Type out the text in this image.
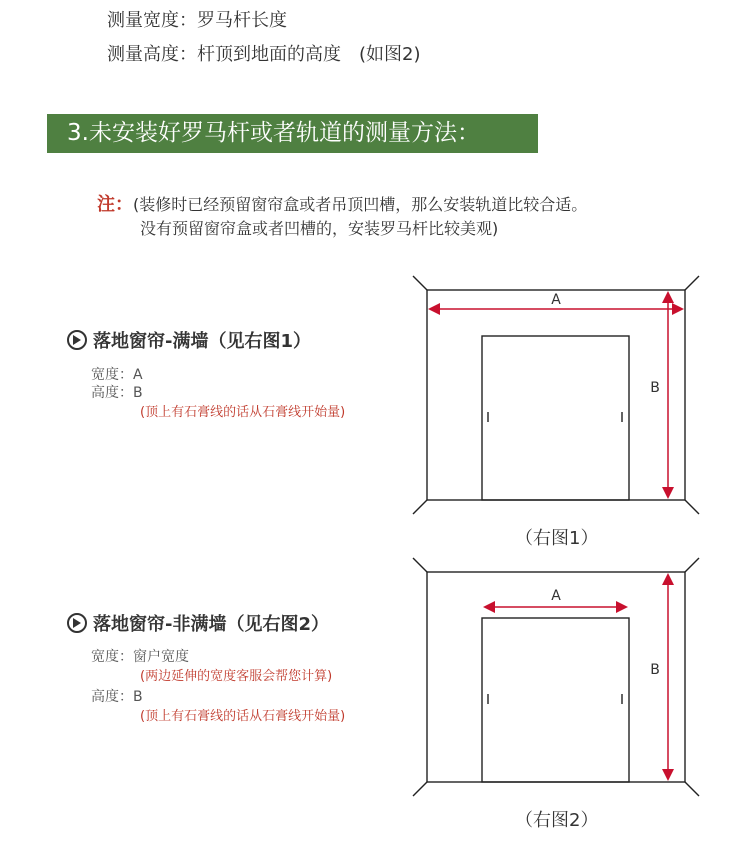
测量宽度：罗马杆长度
测量高度：杆顶到地面的高度　(如图2)
3.未安装好罗马杆或者轨道的测量方法：
注：(装修时已经预留窗帘盒或者吊顶凹槽，那么安装轨道比较合适。
没有预留窗帘盒或者凹槽的，安装罗马杆比较美观)
落地窗帘-满墙（见右图1）
宽度：A
高度：B
(顶上有石膏线的话从石膏线开始量)
落地窗帘-非满墙（见右图2）
宽度：窗户宽度
(两边延伸的宽度客服会帮您计算)
高度：B
(顶上有石膏线的话从石膏线开始量)
A
B
（右图1）
A
B
（右图2）
